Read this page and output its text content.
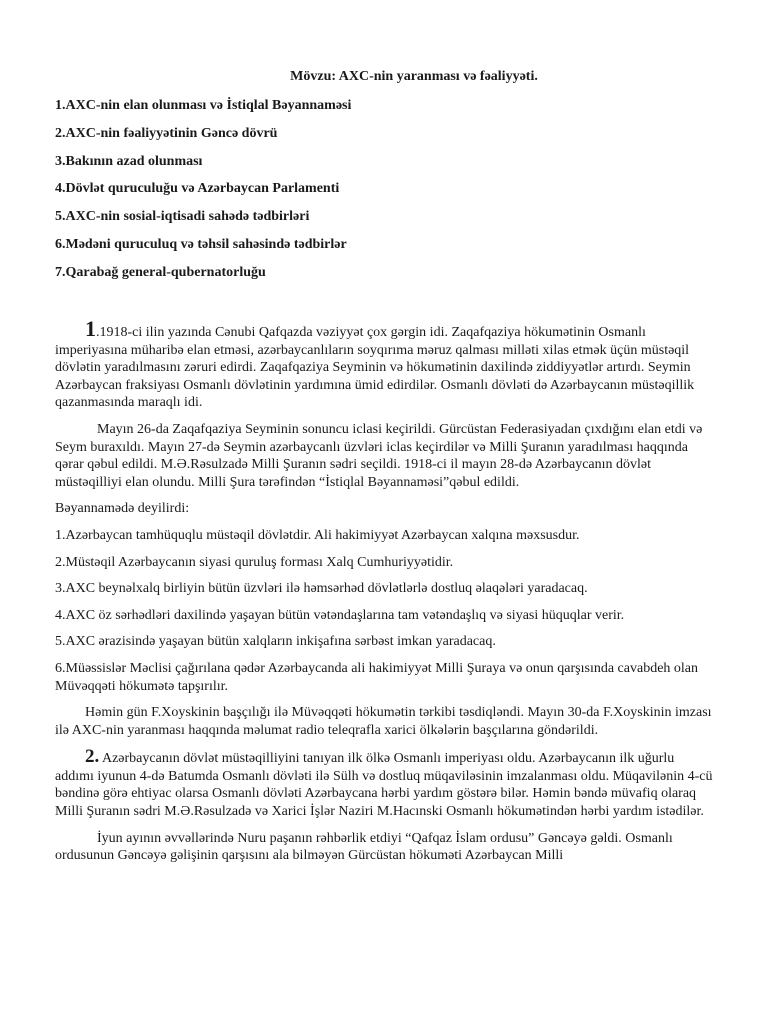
Mövzu: AXC-nin yaranması və fəaliyyəti.
1.AXC-nin elan olunması və İstiqlal Bəyannaməsi
2.AXC-nin fəaliyyətinin Gəncə dövrü
3.Bakının azad olunması
4.Dövlət quruculuğu və Azərbaycan Parlamenti
5.AXC-nin sosial-iqtisadi sahədə tədbirləri
6.Mədəni quruculuq və təhsil sahəsində tədbirlər
7.Qarabağ general-qubernatorluğu

1.1918-ci ilin yazında Cənubi Qafqazda vəziyyət çox gərgin idi. Zaqafqaziya hökumətinin Osmanlı imperiyasına müharibə elan etməsi, azərbaycanlıların soyqırıma məruz qalması milləti xilas etmək üçün müstəqil dövlətin yaradılmasını zəruri edirdi. Zaqafqaziya Seyminin və hökumətinin daxilində ziddiyyətlər artırdı. Seymin Azərbaycan fraksiyası Osmanlı dövlətinin yardımına ümid edirdilər. Osmanlı dövləti də Azərbaycanın müstəqillik qazanmasında maraqlı idi.

Mayın 26-da Zaqafqaziya Seyminin sonuncu iclasi keçirildi. Gürcüstan Federasiyadan çıxdığını elan etdi və Seym buraxıldı. Mayın 27-də Seymin azərbaycanlı üzvləri iclas keçirdilər və Milli Şuranın yaradılması haqqında qərar qəbul edildi. M.Ə.Rəsulzadə Milli Şuranın sədri seçildi. 1918-ci il mayın 28-də Azərbaycanın dövlət müstəqilliyi elan olundu. Milli Şura tərəfindən “İstiqlal Bəyannaməsi”qəbul edildi.

Bəyannamədə deyilirdi:

1.Azərbaycan tamhüquqlu müstəqil dövlətdir. Ali hakimiyyət Azərbaycan xalqına məxsusdur.

2.Müstəqil Azərbaycanın siyasi quruluş forması Xalq Cumhuriyyətidir.

3.AXC beynəlxalq birliyin bütün üzvləri ilə həmsərhəd dövlətlərlə dostluq əlaqələri yaradacaq.

4.AXC öz sərhədləri daxilində yaşayan bütün vətəndaşlarına tam vətəndaşlıq və siyasi hüquqlar verir.

5.AXC ərazisində yaşayan bütün xalqların inkişafına sərbəst imkan yaradacaq.

6.Müəssislər Məclisi çağırılana qədər Azərbaycanda ali hakimiyyət Milli Şuraya və onun qarşısında cavabdeh olan Müvəqqəti hökumətə tapşırılır.

Həmin gün F.Xoyskinin başçılığı ilə Müvəqqəti hökumətin tərkibi təsdiqləndi. Mayın 30-da F.Xoyskinin imzası ilə AXC-nin yaranması haqqında məlumat radio teleqrafla xarici ölkələrin başçılarına göndərildi.

2. Azərbaycanın dövlət müstəqilliyini tanıyan ilk ölkə Osmanlı imperiyası oldu. Azərbaycanın ilk uğurlu addımı iyunun 4-də Batumda Osmanlı dövləti ilə Sülh və dostluq müqaviləsinin imzalanması oldu. Müqavilənin 4-cü bəndinə görə ehtiyac olarsa Osmanlı dövləti Azərbaycana hərbi yardım göstərə bilər. Həmin bəndə müvafiq olaraq Milli Şuranın sədri M.Ə.Rəsulzadə və Xarici İşlər Naziri M.Hacınski Osmanlı hökumətindən hərbi yardım istədilər.

İyun ayının əvvəllərində Nuru paşanın rəhbərlik etdiyi “Qafqaz İslam ordusu” Gəncəyə gəldi. Osmanlı ordusunun Gəncəyə gəlişinin qarşısını ala bilməyən Gürcüstan hökuməti Azərbaycan Milli
